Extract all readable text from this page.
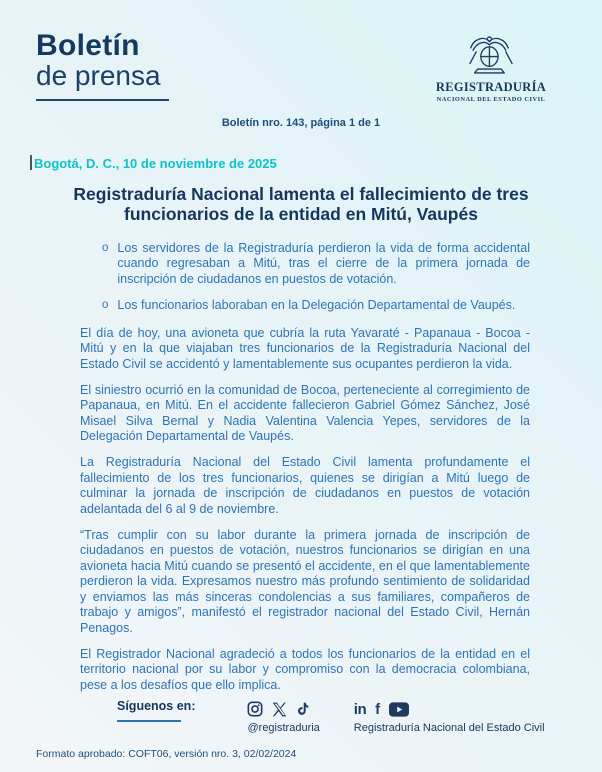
Boletín
de prensa	REGISTRADURÍA
NACIONAL DEL ESTADO CIVIL
Boletín nro. 143, página 1 de 1
Bogotá, D. C., 10 de noviembre de 2025
Registraduría Nacional lamenta el fallecimiento de tres funcionarios de la entidad en Mitú, Vaupés
o Los servidores de la Registraduría perdieron la vida de forma accidental cuando regresaban a Mitú, tras el cierre de la primera jornada de inscripción de ciudadanos en puestos de votación.
o Los funcionarios laboraban en la Delegación Departamental de Vaupés.

El día de hoy, una avioneta que cubría la ruta Yavaraté - Papanaua - Bocoa - Mitú y en la que viajaban tres funcionarios de la Registraduría Nacional del Estado Civil se accidentó y lamentablemente sus ocupantes perdieron la vida.

El siniestro ocurrió en la comunidad de Bocoa, perteneciente al corregimiento de Papanaua, en Mitú. En el accidente fallecieron Gabriel Gómez Sánchez, José Misael Silva Bernal y Nadia Valentina Valencia Yepes, servidores de la Delegación Departamental de Vaupés.

La Registraduría Nacional del Estado Civil lamenta profundamente el fallecimiento de los tres funcionarios, quienes se dirigían a Mitú luego de culminar la jornada de inscripción de ciudadanos en puestos de votación adelantada del 6 al 9 de noviembre.

“Tras cumplir con su labor durante la primera jornada de inscripción de ciudadanos en puestos de votación, nuestros funcionarios se dirigían en una avioneta hacia Mitú cuando se presentó el accidente, en el que lamentablemente perdieron la vida. Expresamos nuestro más profundo sentimiento de solidaridad y enviamos las más sinceras condolencias a sus familiares, compañeros de trabajo y amigos”, manifestó el registrador nacional del Estado Civil, Hernán Penagos.

El Registrador Nacional agradeció a todos los funcionarios de la entidad en el territorio nacional por su labor y compromiso con la democracia colombiana, pese a los desafíos que ello implica.

Síguenos en:
@registraduria
in f
Registraduría Nacional del Estado Civil
Formato aprobado: COFT06, versión nro. 3, 02/02/2024
